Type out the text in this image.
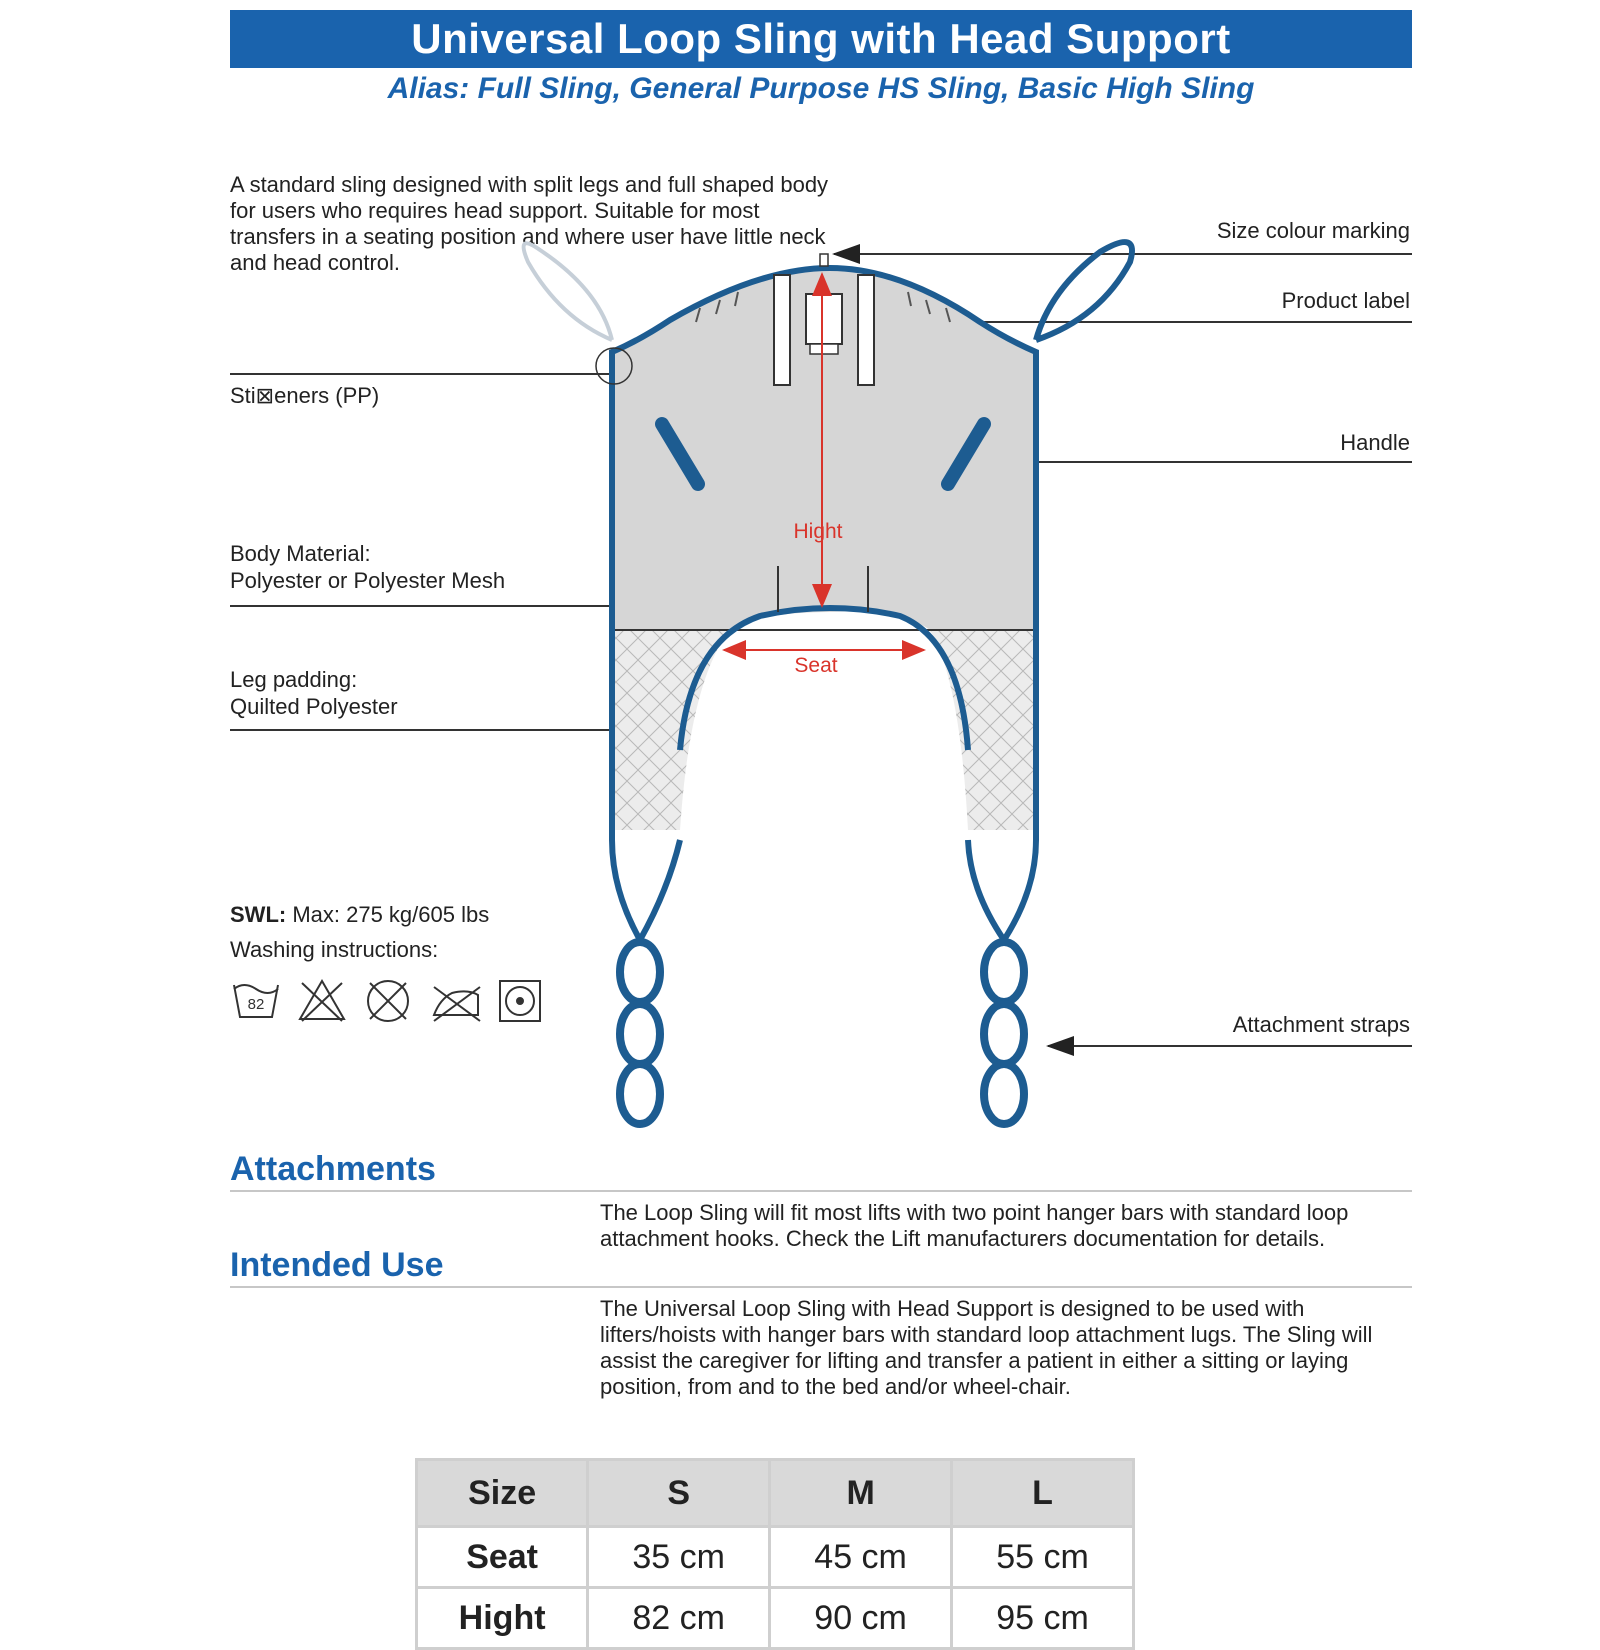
Universal Loop Sling with Head Support
Alias: Full Sling, General Purpose HS Sling, Basic High Sling
A standard sling designed with split legs and full shaped body for users who requires head support. Suitable for most transfers in a seating position and where user have little neck and head control.
Sti⊠eners (PP)
Body Material:
Polyester or Polyester Mesh
Leg padding:
Quilted Polyester
Size colour marking
Product label
Handle
Attachment straps
Hight
Seat
SWL: Max: 275 kg/605 lbs
Washing instructions:
82
Attachments
The Loop Sling will fit most lifts with two point hanger bars with standard loop attachment hooks. Check the Lift manufacturers documentation for details.
Intended Use
The Universal Loop Sling with Head Support is designed to be used with lifters/hoists with hanger bars with standard loop attachment lugs. The Sling will assist the caregiver for lifting and transfer a patient in either a sitting or laying position, from and to the bed and/or wheel-chair.
Size	S	M	L
Seat	35 cm	45 cm	55 cm
Hight	82 cm	90 cm	95 cm
